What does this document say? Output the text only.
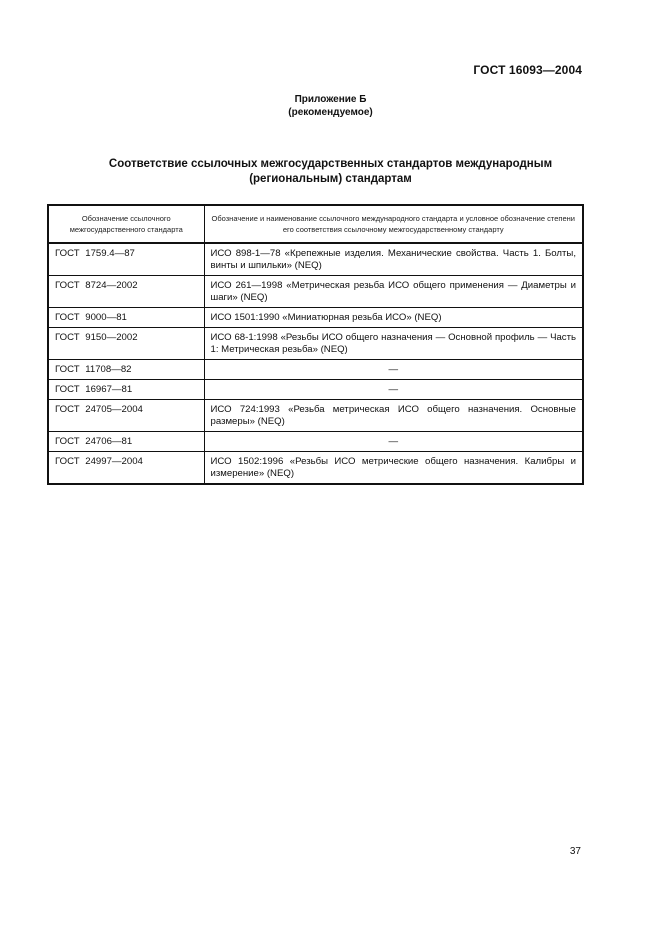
ГОСТ 16093—2004
Приложение Б
(рекомендуемое)
Соответствие ссылочных межгосударственных стандартов международным
(региональным) стандартам
Обозначение ссылочного межгосударственного стандарта	Обозначение и наименование ссылочного международного стандарта и условное обозначение степени его соответствия ссылочному межгосударственному стандарту
ГОСТ 1759.4—87	ИСО 898-1—78 «Крепежные изделия. Механические свойства. Часть 1. Болты, винты и шпильки» (NEQ)
ГОСТ 8724—2002	ИСО 261—1998 «Метрическая резьба ИСО общего применения — Диаметры и шаги» (NEQ)
ГОСТ 9000—81	ИСО 1501:1990 «Миниатюрная резьба ИСО» (NEQ)
ГОСТ 9150—2002	ИСО 68-1:1998 «Резьбы ИСО общего назначения — Основной профиль — Часть 1: Метрическая резьба» (NEQ)
ГОСТ 11708—82	—
ГОСТ 16967—81	—
ГОСТ 24705—2004	ИСО 724:1993 «Резьба метрическая ИСО общего назначения. Основные размеры» (NEQ)
ГОСТ 24706—81	—
ГОСТ 24997—2004	ИСО 1502:1996 «Резьбы ИСО метрические общего назначения. Калибры и измерение» (NEQ)
37
